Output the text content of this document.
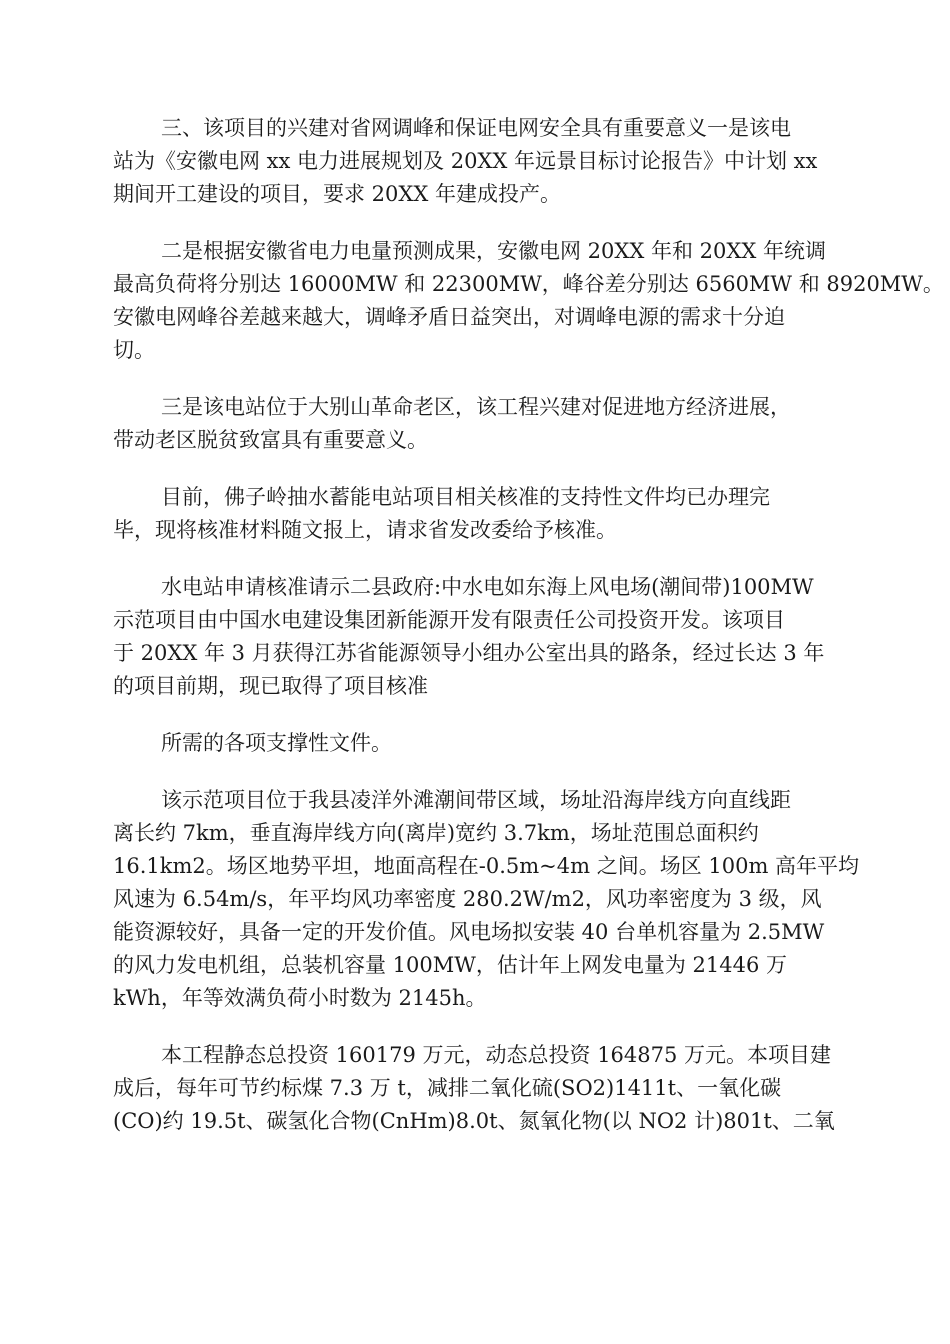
三、该项目的兴建对省网调峰和保证电网安全具有重要意义一是该电
站为《安徽电网 xx 电力进展规划及 20XX 年远景目标讨论报告》中计划 xx
期间开工建设的项目，要求 20XX 年建成投产。
二是根据安徽省电力电量预测成果，安徽电网 20XX 年和 20XX 年统调
最高负荷将分别达 16000MW 和 22300MW，峰谷差分别达 6560MW 和 8920MW。
安徽电网峰谷差越来越大，调峰矛盾日益突出，对调峰电源的需求十分迫
切。
三是该电站位于大别山革命老区，该工程兴建对促进地方经济进展，
带动老区脱贫致富具有重要意义。
目前，佛子岭抽水蓄能电站项目相关核准的支持性文件均已办理完
毕，现将核准材料随文报上，请求省发改委给予核准。
水电站申请核准请示二县政府:中水电如东海上风电场(潮间带)100MW
示范项目由中国水电建设集团新能源开发有限责任公司投资开发。该项目
于 20XX 年 3 月获得江苏省能源领导小组办公室出具的路条，经过长达 3 年
的项目前期，现已取得了项目核准
所需的各项支撑性文件。
该示范项目位于我县凌洋外滩潮间带区域，场址沿海岸线方向直线距
离长约 7km，垂直海岸线方向(离岸)宽约 3.7km，场址范围总面积约
16.1km2。场区地势平坦，地面高程在-0.5m~4m 之间。场区 100m 高年平均
风速为 6.54m/s，年平均风功率密度 280.2W/m2，风功率密度为 3 级，风
能资源较好，具备一定的开发价值。风电场拟安装 40 台单机容量为 2.5MW
的风力发电机组，总装机容量 100MW，估计年上网发电量为 21446 万
kWh，年等效满负荷小时数为 2145h。
本工程静态总投资 160179 万元，动态总投资 164875 万元。本项目建
成后，每年可节约标煤 7.3 万 t，减排二氧化硫(SO2)1411t、一氧化碳
(CO)约 19.5t、碳氢化合物(CnHm)8.0t、氮氧化物(以 NO2 计)801t、二氧
